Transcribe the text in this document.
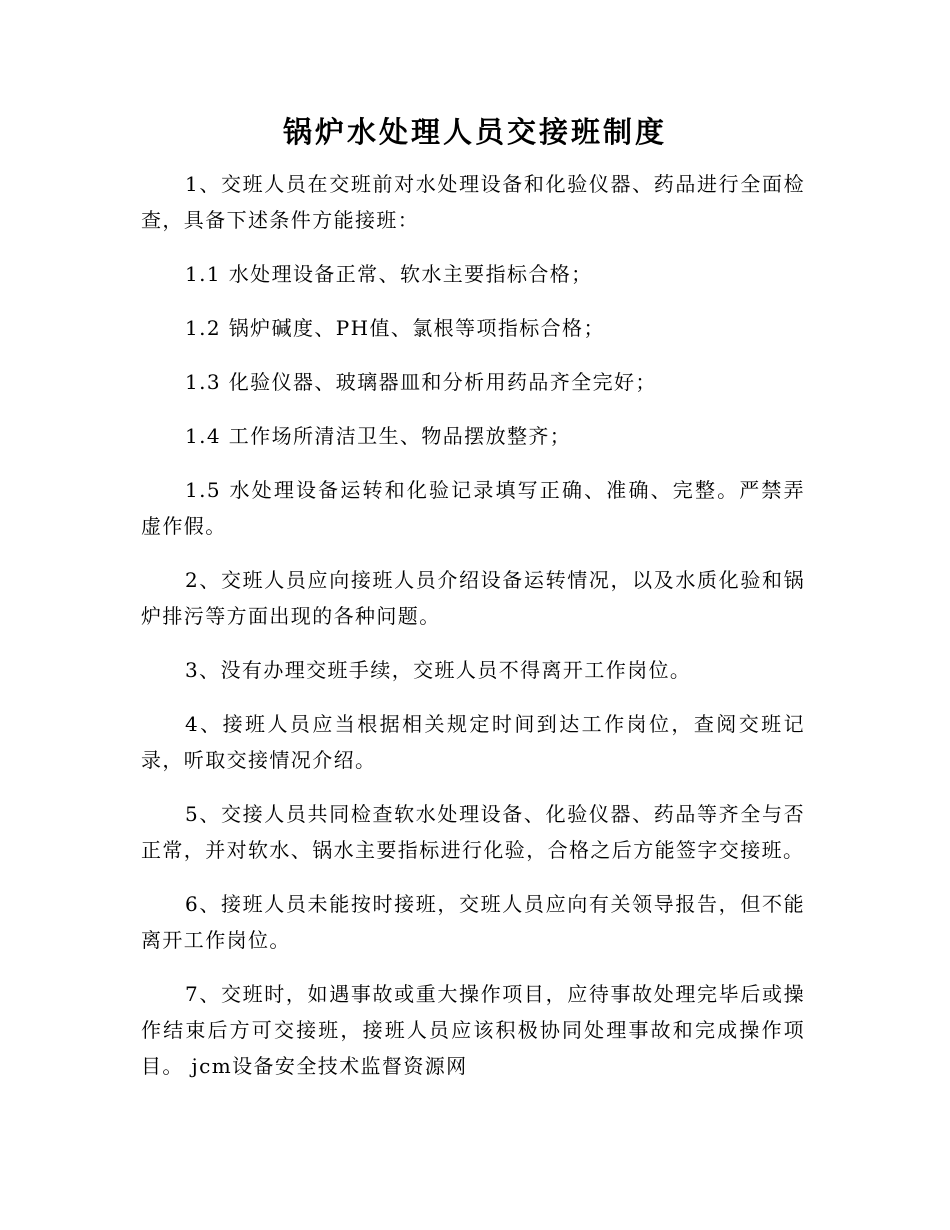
锅炉水处理人员交接班制度

1、交班人员在交班前对水处理设备和化验仪器、药品进行全面检查，具备下述条件方能接班：

1.1 水处理设备正常、软水主要指标合格；

1.2 锅炉碱度、PH值、氯根等项指标合格；

1.3 化验仪器、玻璃器皿和分析用药品齐全完好；

1.4 工作场所清洁卫生、物品摆放整齐；

1.5 水处理设备运转和化验记录填写正确、准确、完整。严禁弄虚作假。

2、交班人员应向接班人员介绍设备运转情况，以及水质化验和锅炉排污等方面出现的各种问题。

3、没有办理交班手续，交班人员不得离开工作岗位。

4、接班人员应当根据相关规定时间到达工作岗位，查阅交班记录，听取交接情况介绍。

5、交接人员共同检查软水处理设备、化验仪器、药品等齐全与否正常，并对软水、锅水主要指标进行化验，合格之后方能签字交接班。

6、接班人员未能按时接班，交班人员应向有关领导报告，但不能离开工作岗位。

7、交班时，如遇事故或重大操作项目，应待事故处理完毕后或操作结束后方可交接班，接班人员应该积极协同处理事故和完成操作项目。 jcm设备安全技术监督资源网
